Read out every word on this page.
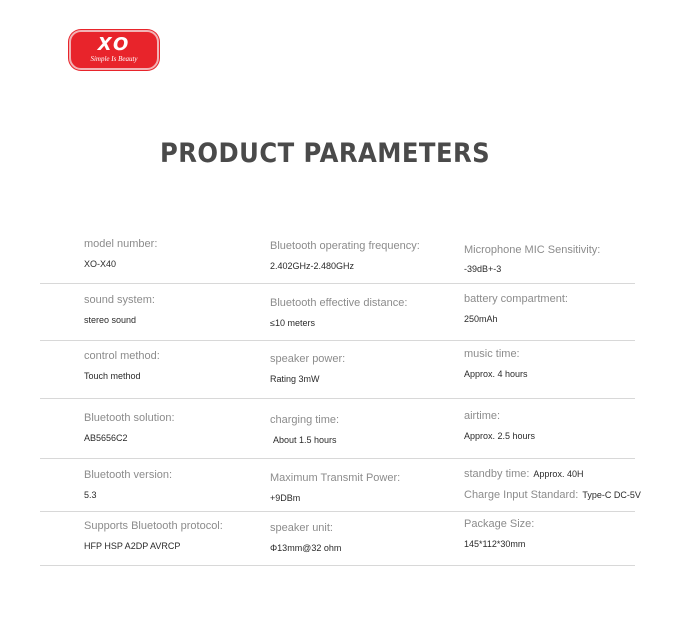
XO
Simple Is Beauty
PRODUCT PARAMETERS
model number:
XO-X40
Bluetooth operating frequency:
2.402GHz-2.480GHz
Microphone MIC Sensitivity:
-39dB+-3
sound system:
stereo sound
Bluetooth effective distance:
≤10 meters
battery compartment:
250mAh
control method:
Touch method
speaker power:
Rating 3mW
music time:
Approx. 4 hours
Bluetooth solution:
AB5656C2
charging time:
About 1.5 hours
airtime:
Approx. 2.5 hours
Bluetooth version:
5.3
Maximum Transmit Power:
+9DBm
standby time: Approx. 40H
Charge Input Standard: Type-C DC-5V
Supports Bluetooth protocol:
HFP HSP A2DP AVRCP
speaker unit:
Φ13mm@32 ohm
Package Size:
145*112*30mm
